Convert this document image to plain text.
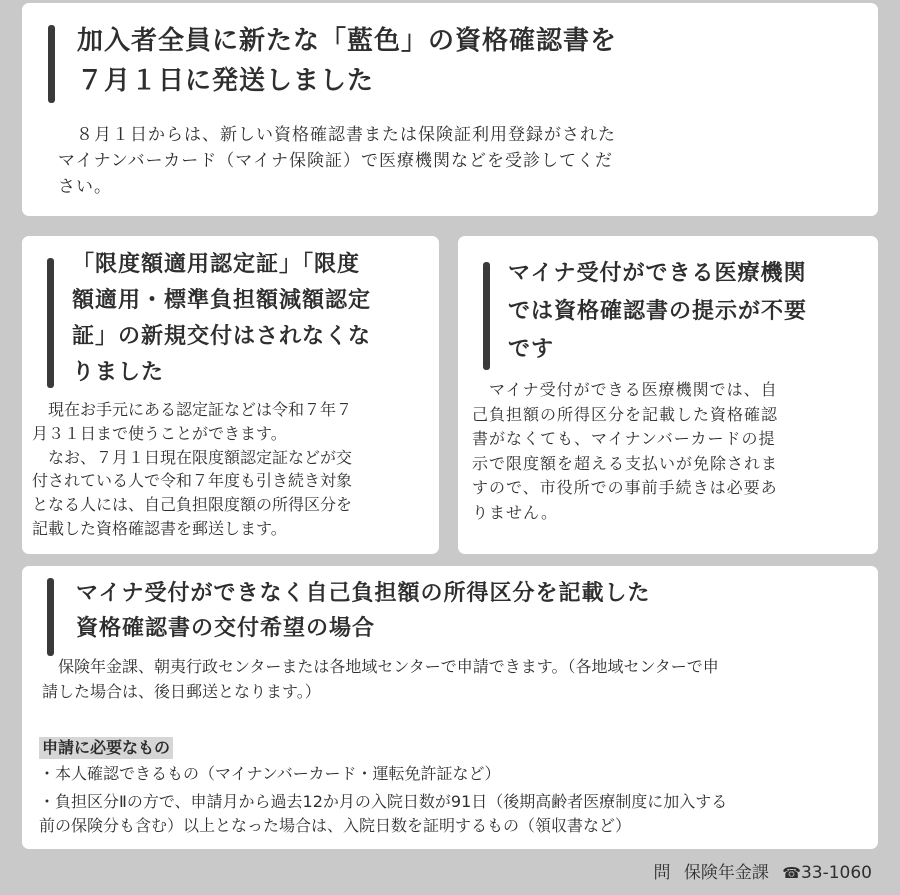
加入者全員に新たな「藍色」の資格確認書を
７月１日に発送しました

　８月１日からは、新しい資格確認書または保険証利用登録がされた
マイナンバーカード（マイナ保険証）で医療機関などを受診してくだ
さい。

「限度額適用認定証」「限度
額適用・標準負担額減額認定
証」の新規交付はされなくな
りました

　現在お手元にある認定証などは令和７年７
月３１日まで使うことができます。
　なお、７月１日現在限度額認定証などが交
付されている人で令和７年度も引き続き対象
となる人には、自己負担限度額の所得区分を
記載した資格確認書を郵送します。

マイナ受付ができる医療機関
では資格確認書の提示が不要
です

　マイナ受付ができる医療機関では、自
己負担額の所得区分を記載した資格確認
書がなくても、マイナンバーカードの提
示で限度額を超える支払いが免除されま
すので、市役所での事前手続きは必要あ
りません。

マイナ受付ができなく自己負担額の所得区分を記載した
資格確認書の交付希望の場合

　保険年金課、朝夷行政センターまたは各地域センターで申請できます。（各地域センターで申
請した場合は、後日郵送となります。）

申請に必要なもの

・本人確認できるもの（マイナンバーカード・運転免許証など）

・負担区分Ⅱの方で、申請月から過去12か月の入院日数が91日（後期高齢者医療制度に加入する
前の保険分も含む）以上となった場合は、入院日数を証明するもの（領収書など）

問 保険年金課 ☎33-1060
